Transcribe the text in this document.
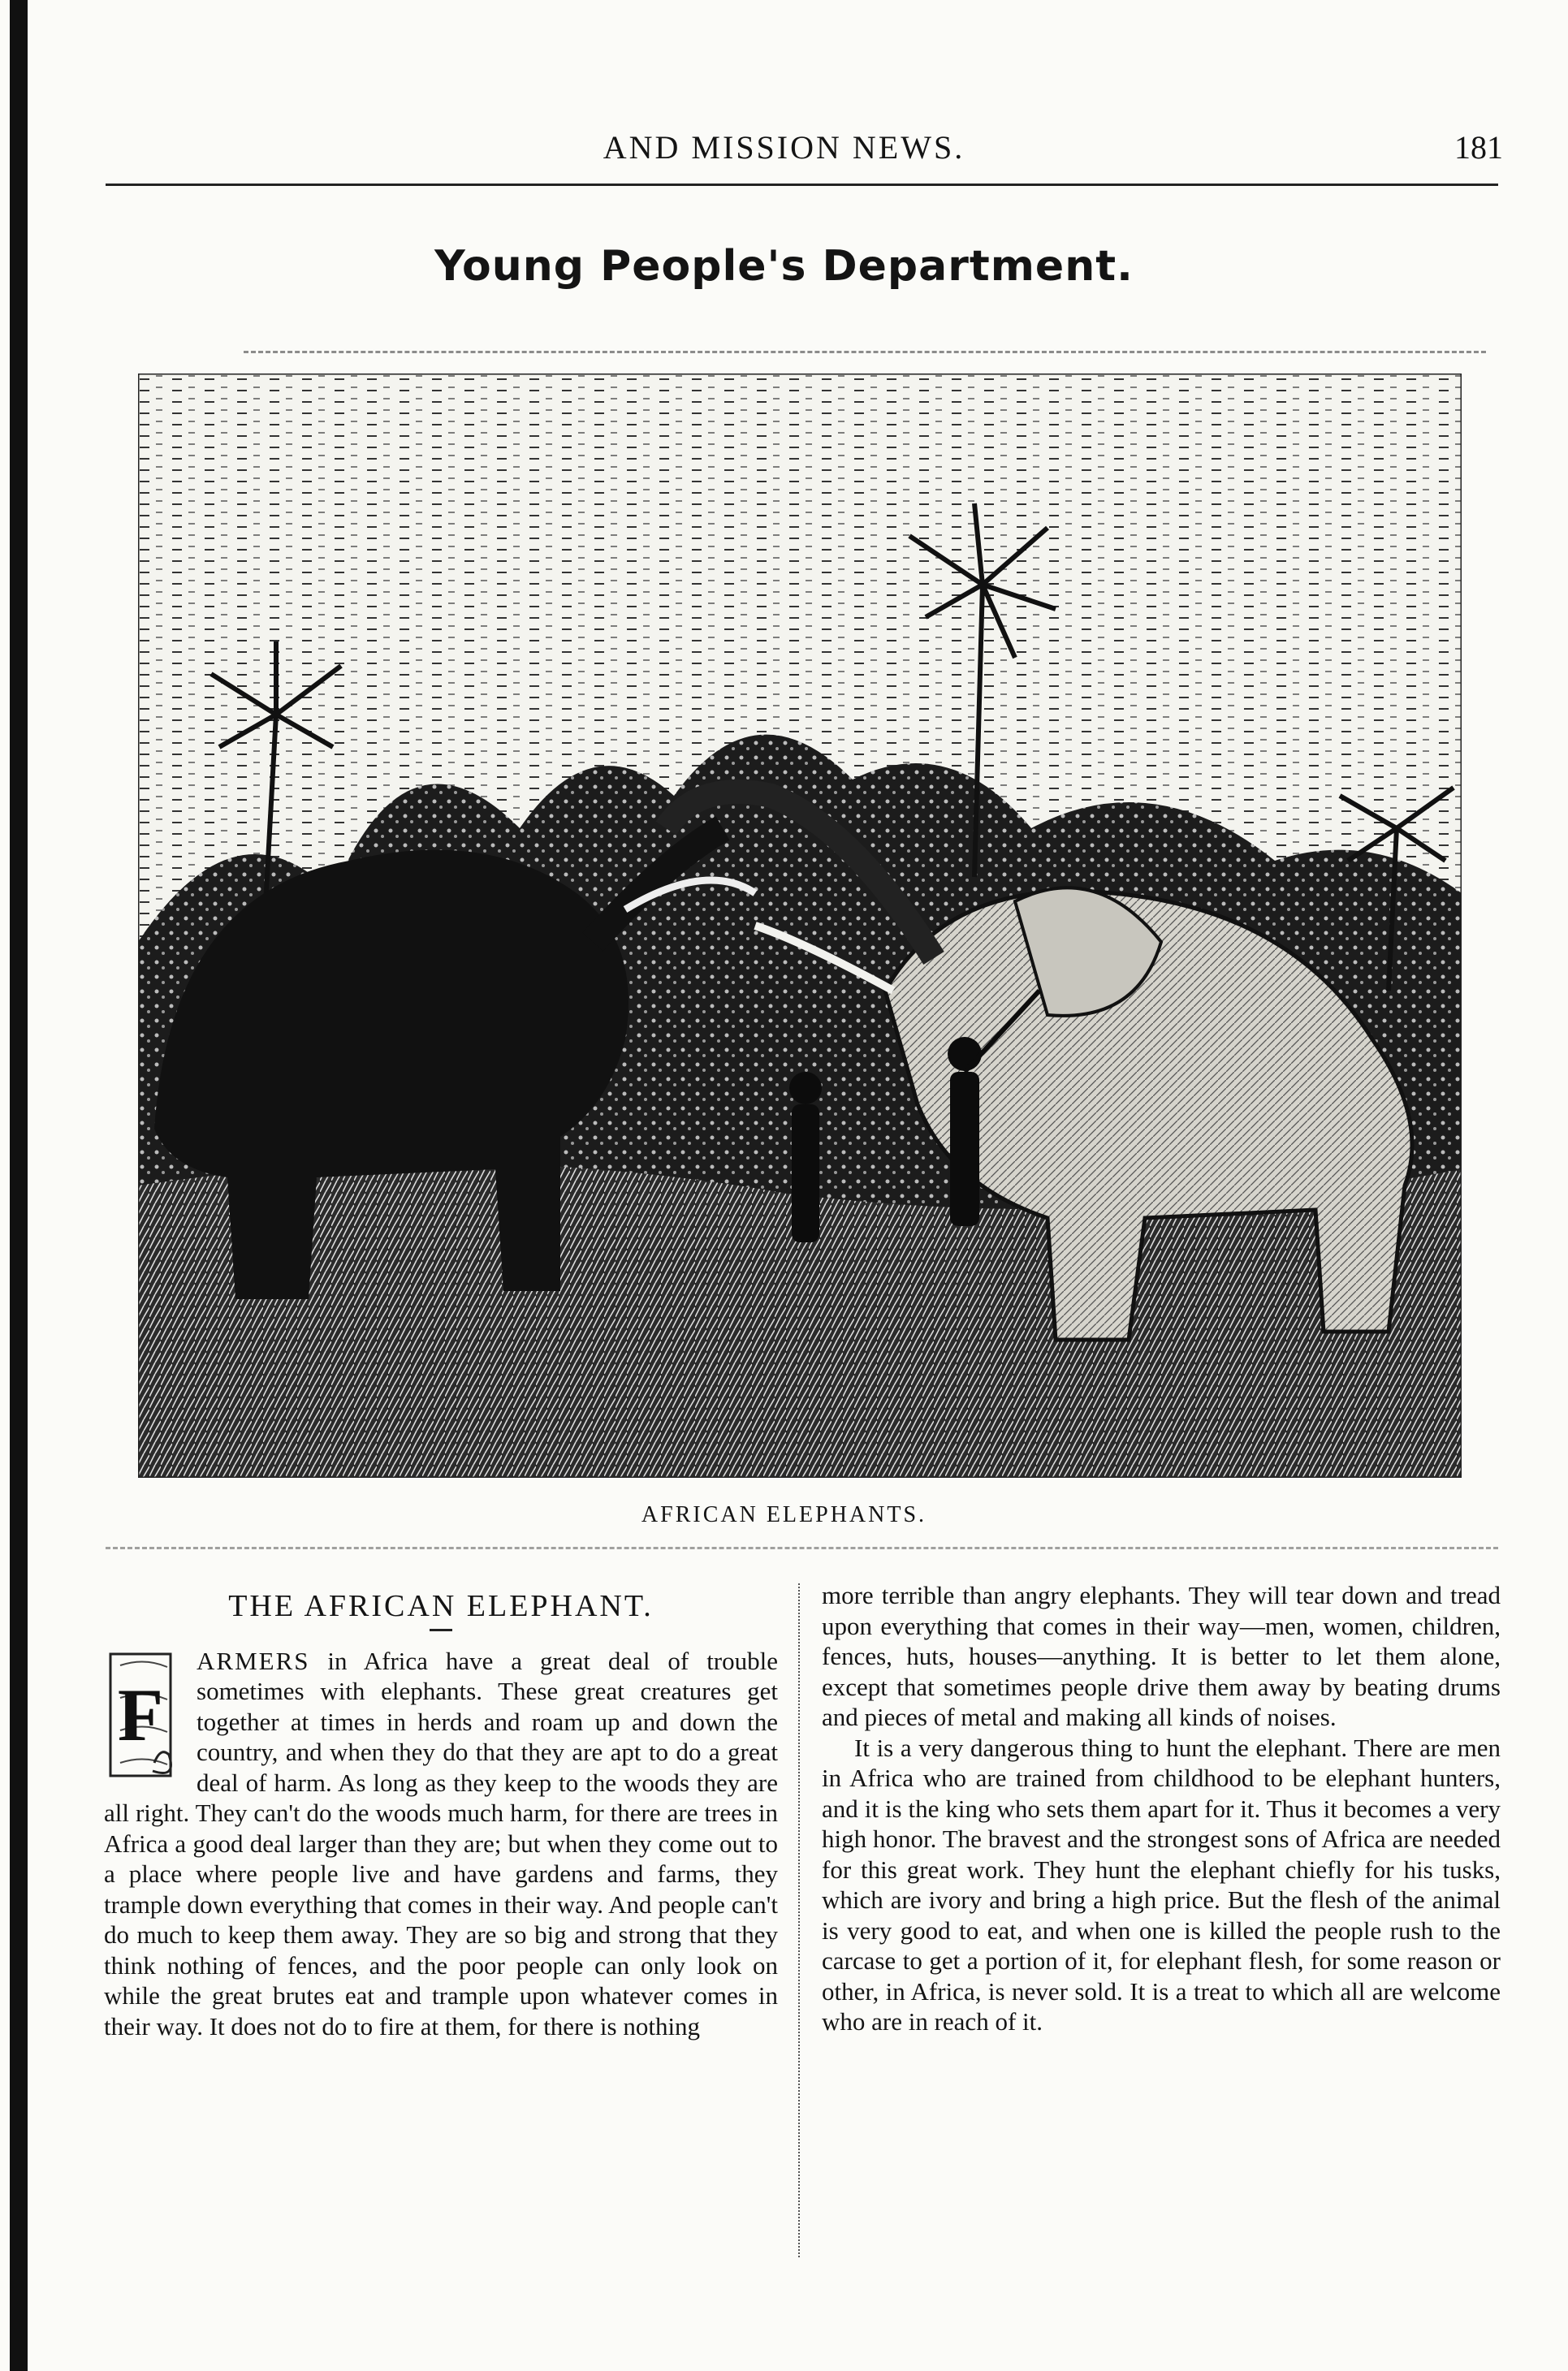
AND MISSION NEWS.	181
Young People's Department.
AFRICAN ELEPHANTS.
THE AFRICAN ELEPHANT.

F
ARMERS in Africa have a great deal of trouble sometimes with elephants. These great creatures get together at times in herds and roam up and down the country, and when they do that they are apt to do a great deal of harm. As long as they keep to the woods they are all right. They can't do the woods much harm, for there are trees in Africa a good deal larger than they are; but when they come out to a place where people live and have gardens and farms, they trample down everything that comes in their way. And people can't do much to keep them away. They are so big and strong that they think nothing of fences, and the poor people can only look on while the great brutes eat and trample upon whatever comes in their way. It does not do to fire at them, for there is nothing

more terrible than angry elephants. They will tear down and tread upon everything that comes in their way—men, women, children, fences, huts, houses—anything. It is better to let them alone, except that sometimes people drive them away by beating drums and pieces of metal and making all kinds of noises.

It is a very dangerous thing to hunt the elephant. There are men in Africa who are trained from childhood to be elephant hunters, and it is the king who sets them apart for it. Thus it becomes a very high honor. The bravest and the strongest sons of Africa are needed for this great work. They hunt the elephant chiefly for his tusks, which are ivory and bring a high price. But the flesh of the animal is very good to eat, and when one is killed the people rush to the carcase to get a portion of it, for elephant flesh, for some reason or other, in Africa, is never sold. It is a treat to which all are welcome who are in reach of it.
